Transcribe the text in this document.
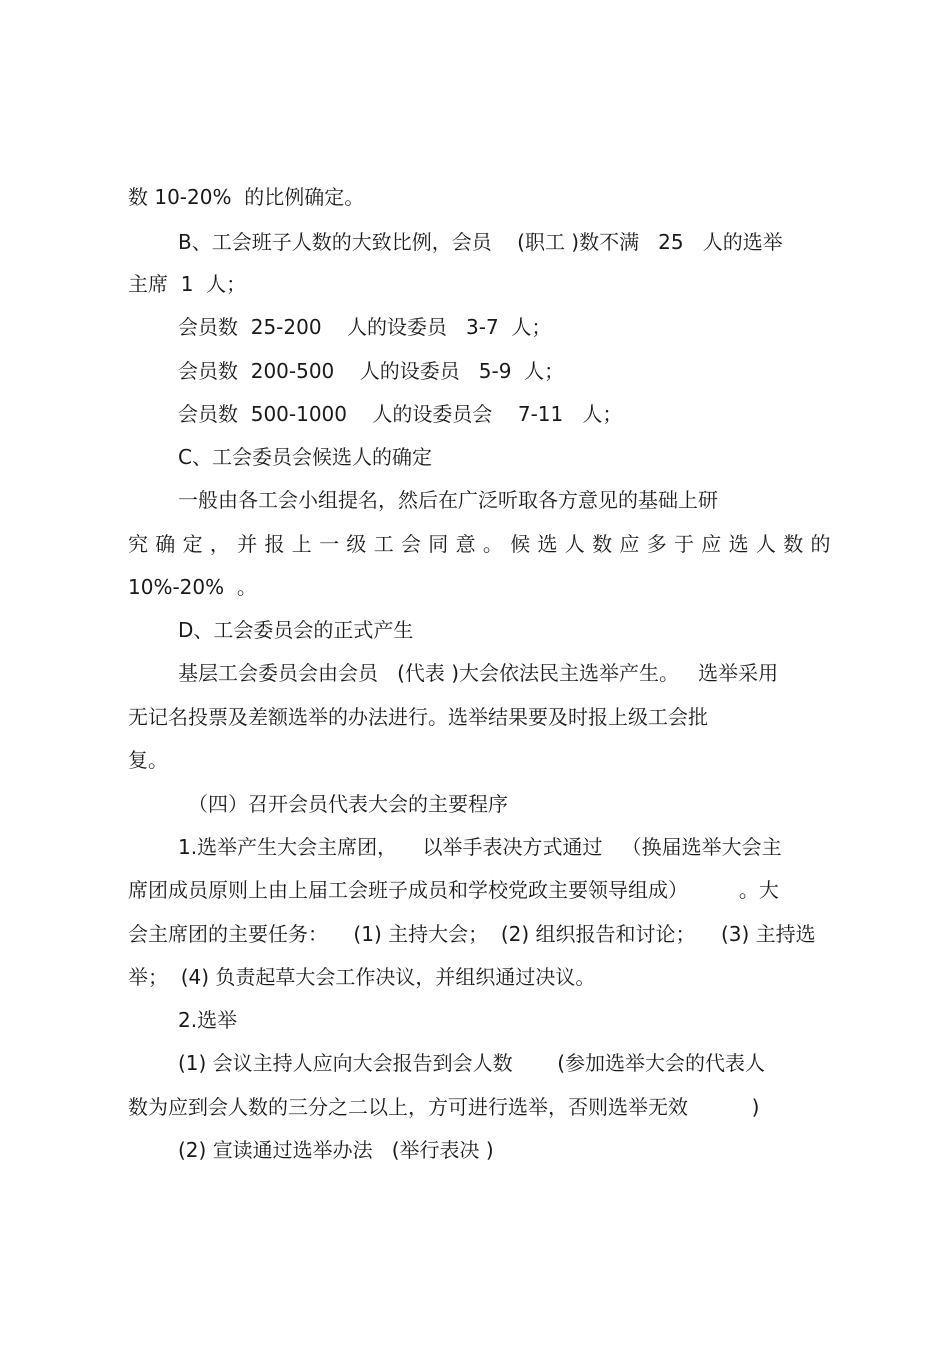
数 10-20%  的比例确定。
B、工会班子人数的大致比例，会员    (职工 )数不满   25   人的选举
主席  1  人；
会员数  25-200    人的设委员   3-7  人；
会员数  200-500    人的设委员   5-9  人；
会员数  500-1000    人的设委员会    7-11   人；
C、工会委员会候选人的确定
一般由各工会小组提名，然后在广泛听取各方意见的基础上研
究确定，并报上一级工会同意。候选人数应多于应选人数的
10%-20%  。
D、工会委员会的正式产生
基层工会委员会由会员   (代表 )大会依法民主选举产生。   选举采用
无记名投票及差额选举的办法进行。选举结果要及时报上级工会批
复。
（四）召开会员代表大会的主要程序
1.选举产生大会主席团，    以举手表决方式通过   （换届选举大会主
席团成员原则上由上届工会班子成员和学校党政主要领导组成）        。大
会主席团的主要任务：    (1) 主持大会；  (2) 组织报告和讨论；    (3) 主持选
举；  (4) 负责起草大会工作决议，并组织通过决议。
2.选举
(1) 会议主持人应向大会报告到会人数       (参加选举大会的代表人
数为应到会人数的三分之二以上，方可进行选举，否则选举无效          )
(2) 宣读通过选举办法   (举行表决 )
